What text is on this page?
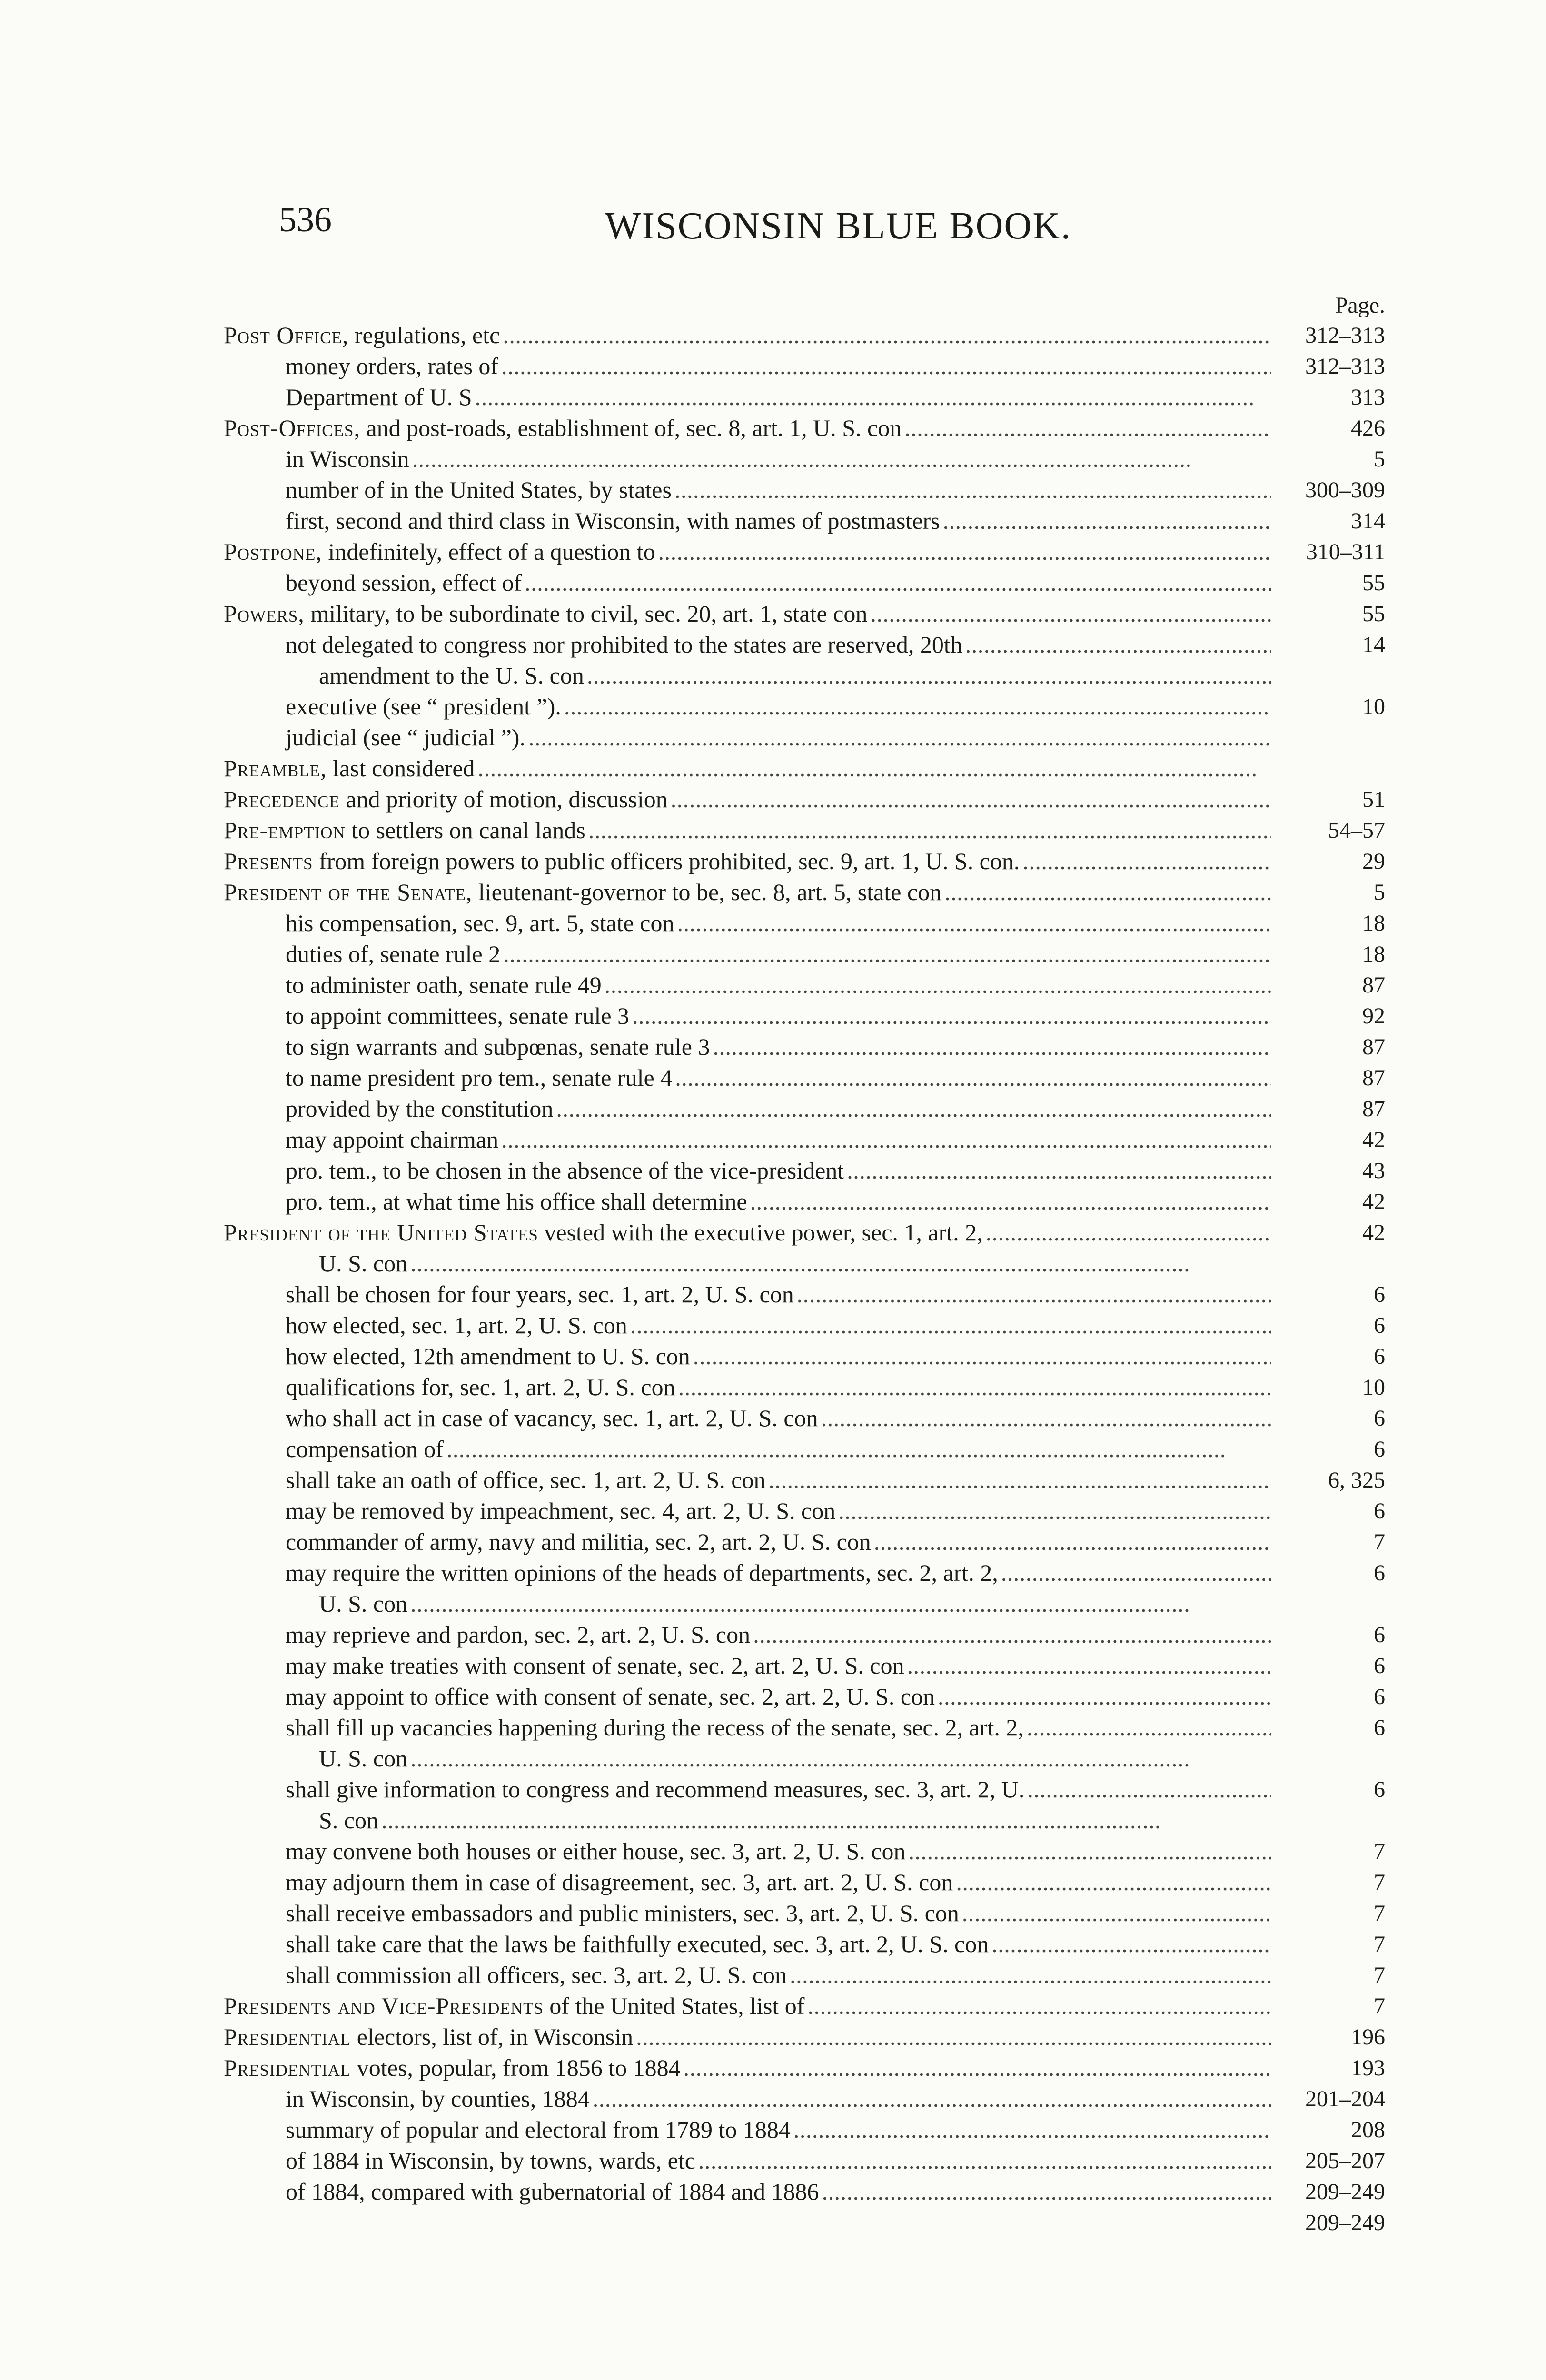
536	WISCONSIN BLUE BOOK.
Page.
Post Office, regulations, etc . . .	312–313
money orders, rates of . . .	312–313
Department of U. S . . .	313
Post-Offices, and post-roads, establishment of, sec. 8, art. 1, U. S. con . . .	426
in Wisconsin . . .	5
number of in the United States, by states . . .	300–309
first, second and third class in Wisconsin, with names of postmasters . . .	314
Postpone, indefinitely, effect of a question to . . .	310–311
beyond session, effect of . . .	55
Powers, military, to be subordinate to civil, sec. 20, art. 1, state con . . .	55
not delegated to congress nor prohibited to the states are reserved, 20th . . .	14
amendment to the U. S. con
. . .
executive (see “ president ”). . . .	10
judicial (see “ judicial ”).
. . .
Preamble, last considered
. . .
Precedence and priority of motion, discussion . . .	51
Pre-emption to settlers on canal lands . . .	54–57
Presents from foreign powers to public officers prohibited, sec. 9, art. 1, U. S. con. . . .	29
President of the Senate, lieutenant-governor to be, sec. 8, art. 5, state con . . .	5
his compensation, sec. 9, art. 5, state con . . .	18
duties of, senate rule 2 . . .	18
to administer oath, senate rule 49 . . .	87
to appoint committees, senate rule 3 . . .	92
to sign warrants and subpœnas, senate rule 3 . . .	87
to name president pro tem., senate rule 4 . . .	87
provided by the constitution . . .	87
may appoint chairman . . .	42
pro. tem., to be chosen in the absence of the vice-president . . .	43
pro. tem., at what time his office shall determine . . .	42
President of the United States vested with the executive power, sec. 1, art. 2, . . .	42
U. S. con
. . .
shall be chosen for four years, sec. 1, art. 2, U. S. con . . .	6
how elected, sec. 1, art. 2, U. S. con . . .	6
how elected, 12th amendment to U. S. con . . .	6
qualifications for, sec. 1, art. 2, U. S. con . . .	10
who shall act in case of vacancy, sec. 1, art. 2, U. S. con . . .	6
compensation of . . .	6
shall take an oath of office, sec. 1, art. 2, U. S. con . . .	6, 325
may be removed by impeachment, sec. 4, art. 2, U. S. con . . .	6
commander of army, navy and militia, sec. 2, art. 2, U. S. con . . .	7
may require the written opinions of the heads of departments, sec. 2, art. 2, . . .	6
U. S. con
. . .
may reprieve and pardon, sec. 2, art. 2, U. S. con . . .	6
may make treaties with consent of senate, sec. 2, art. 2, U. S. con . . .	6
may appoint to office with consent of senate, sec. 2, art. 2, U. S. con . . .	6
shall fill up vacancies happening during the recess of the senate, sec. 2, art. 2, . . .	6
U. S. con
. . .
shall give information to congress and recommend measures, sec. 3, art. 2, U. . . .	6
S. con
. . .
may convene both houses or either house, sec. 3, art. 2, U. S. con . . .	7
may adjourn them in case of disagreement, sec. 3, art. art. 2, U. S. con . . .	7
shall receive embassadors and public ministers, sec. 3, art. 2, U. S. con . . .	7
shall take care that the laws be faithfully executed, sec. 3, art. 2, U. S. con . . .	7
shall commission all officers, sec. 3, art. 2, U. S. con . . .	7
Presidents and Vice-Presidents of the United States, list of . . .	7
Presidential electors, list of, in Wisconsin . . .	196
Presidential votes, popular, from 1856 to 1884 . . .	193
in Wisconsin, by counties, 1884 . . .	201–204
summary of popular and electoral from 1789 to 1884 . . .	208
of 1884 in Wisconsin, by towns, wards, etc . . .	205–207
of 1884, compared with gubernatorial of 1884 and 1886 . . .	209–249
209–249
